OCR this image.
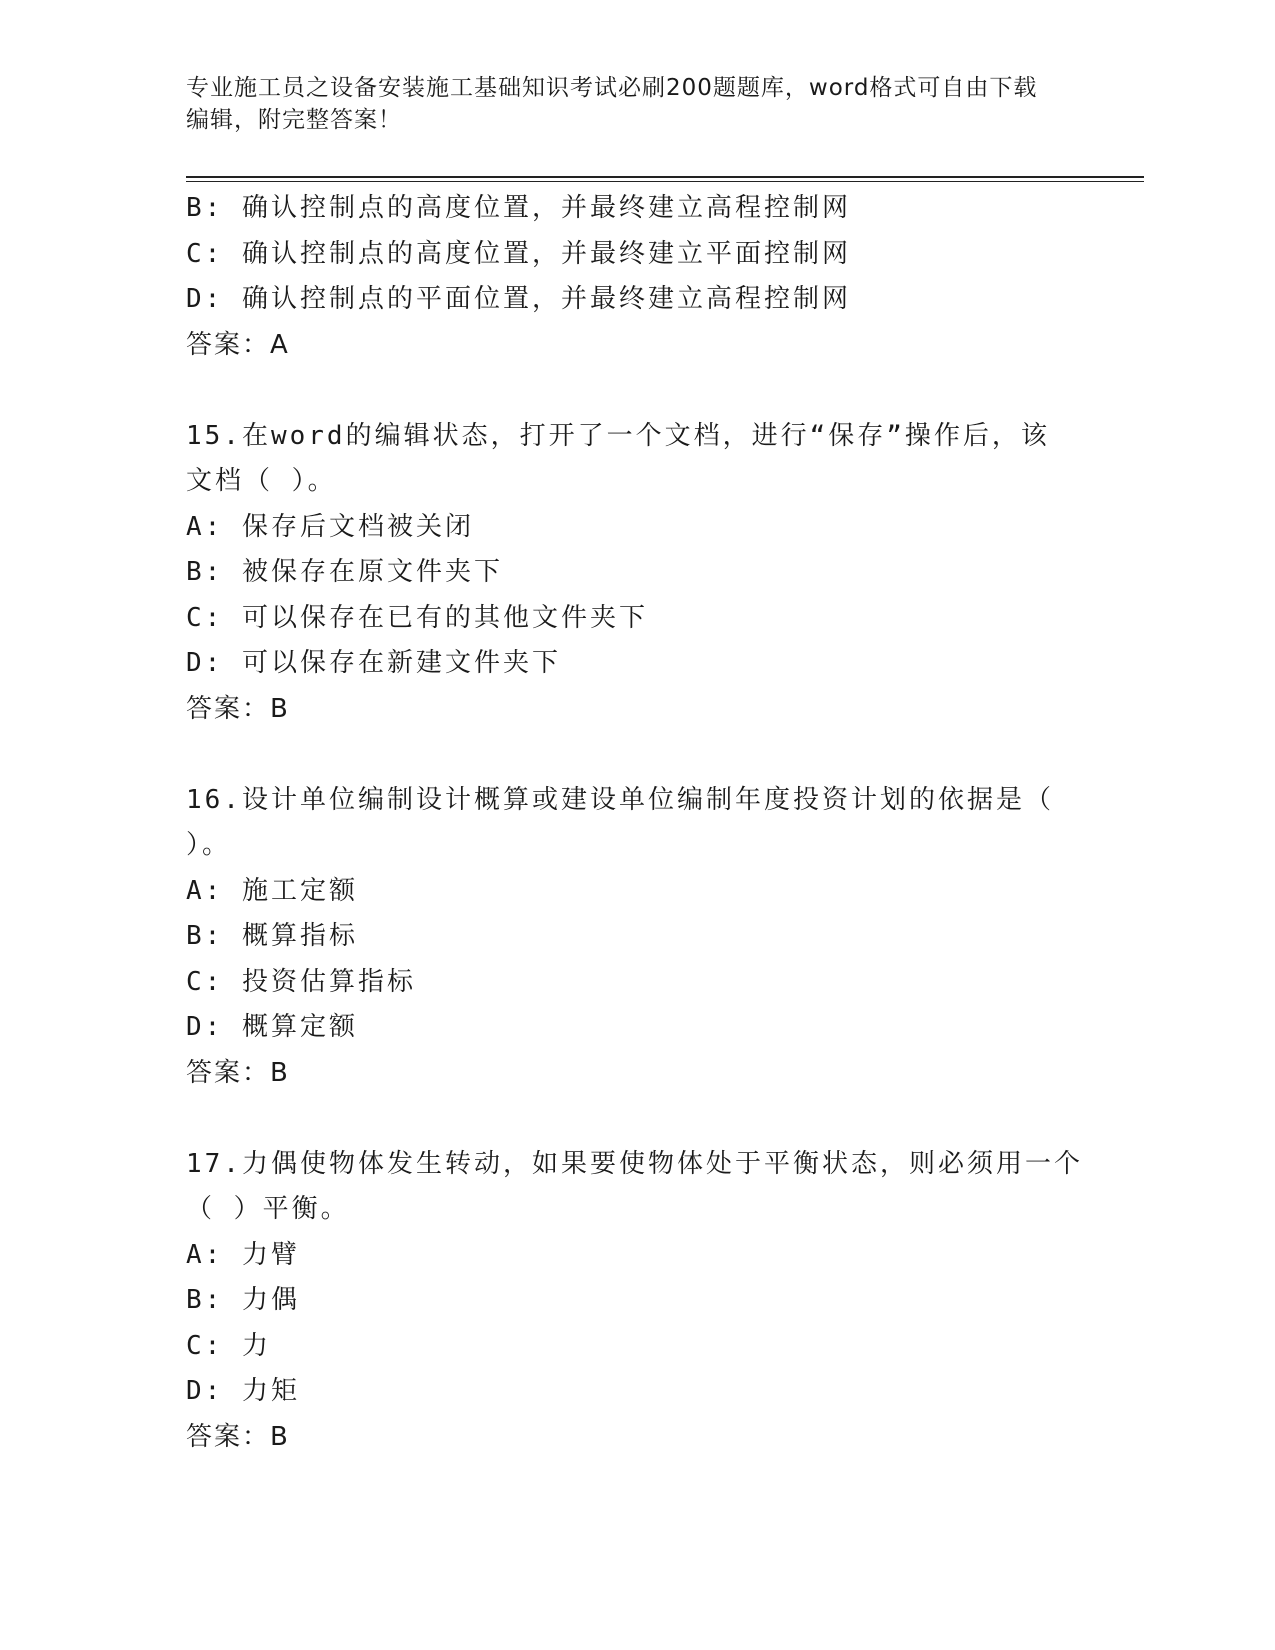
专业施工员之设备安装施工基础知识考试必刷200题题库，word格式可自由下载
编辑，附完整答案！
B: 确认控制点的高度位置，并最终建立高程控制网
C: 确认控制点的高度位置，并最终建立平面控制网
D: 确认控制点的平面位置，并最终建立高程控制网
答案：A
15.在word的编辑状态，打开了一个文档，进行“保存”操作后，该
文档（ ）。
A: 保存后文档被关闭
B: 被保存在原文件夹下
C: 可以保存在已有的其他文件夹下
D: 可以保存在新建文件夹下
答案：B
16.设计单位编制设计概算或建设单位编制年度投资计划的依据是（
）。
A: 施工定额
B: 概算指标
C: 投资估算指标
D: 概算定额
答案：B
17.力偶使物体发生转动，如果要使物体处于平衡状态，则必须用一个
（ ）平衡。
A: 力臂
B: 力偶
C: 力
D: 力矩
答案：B
